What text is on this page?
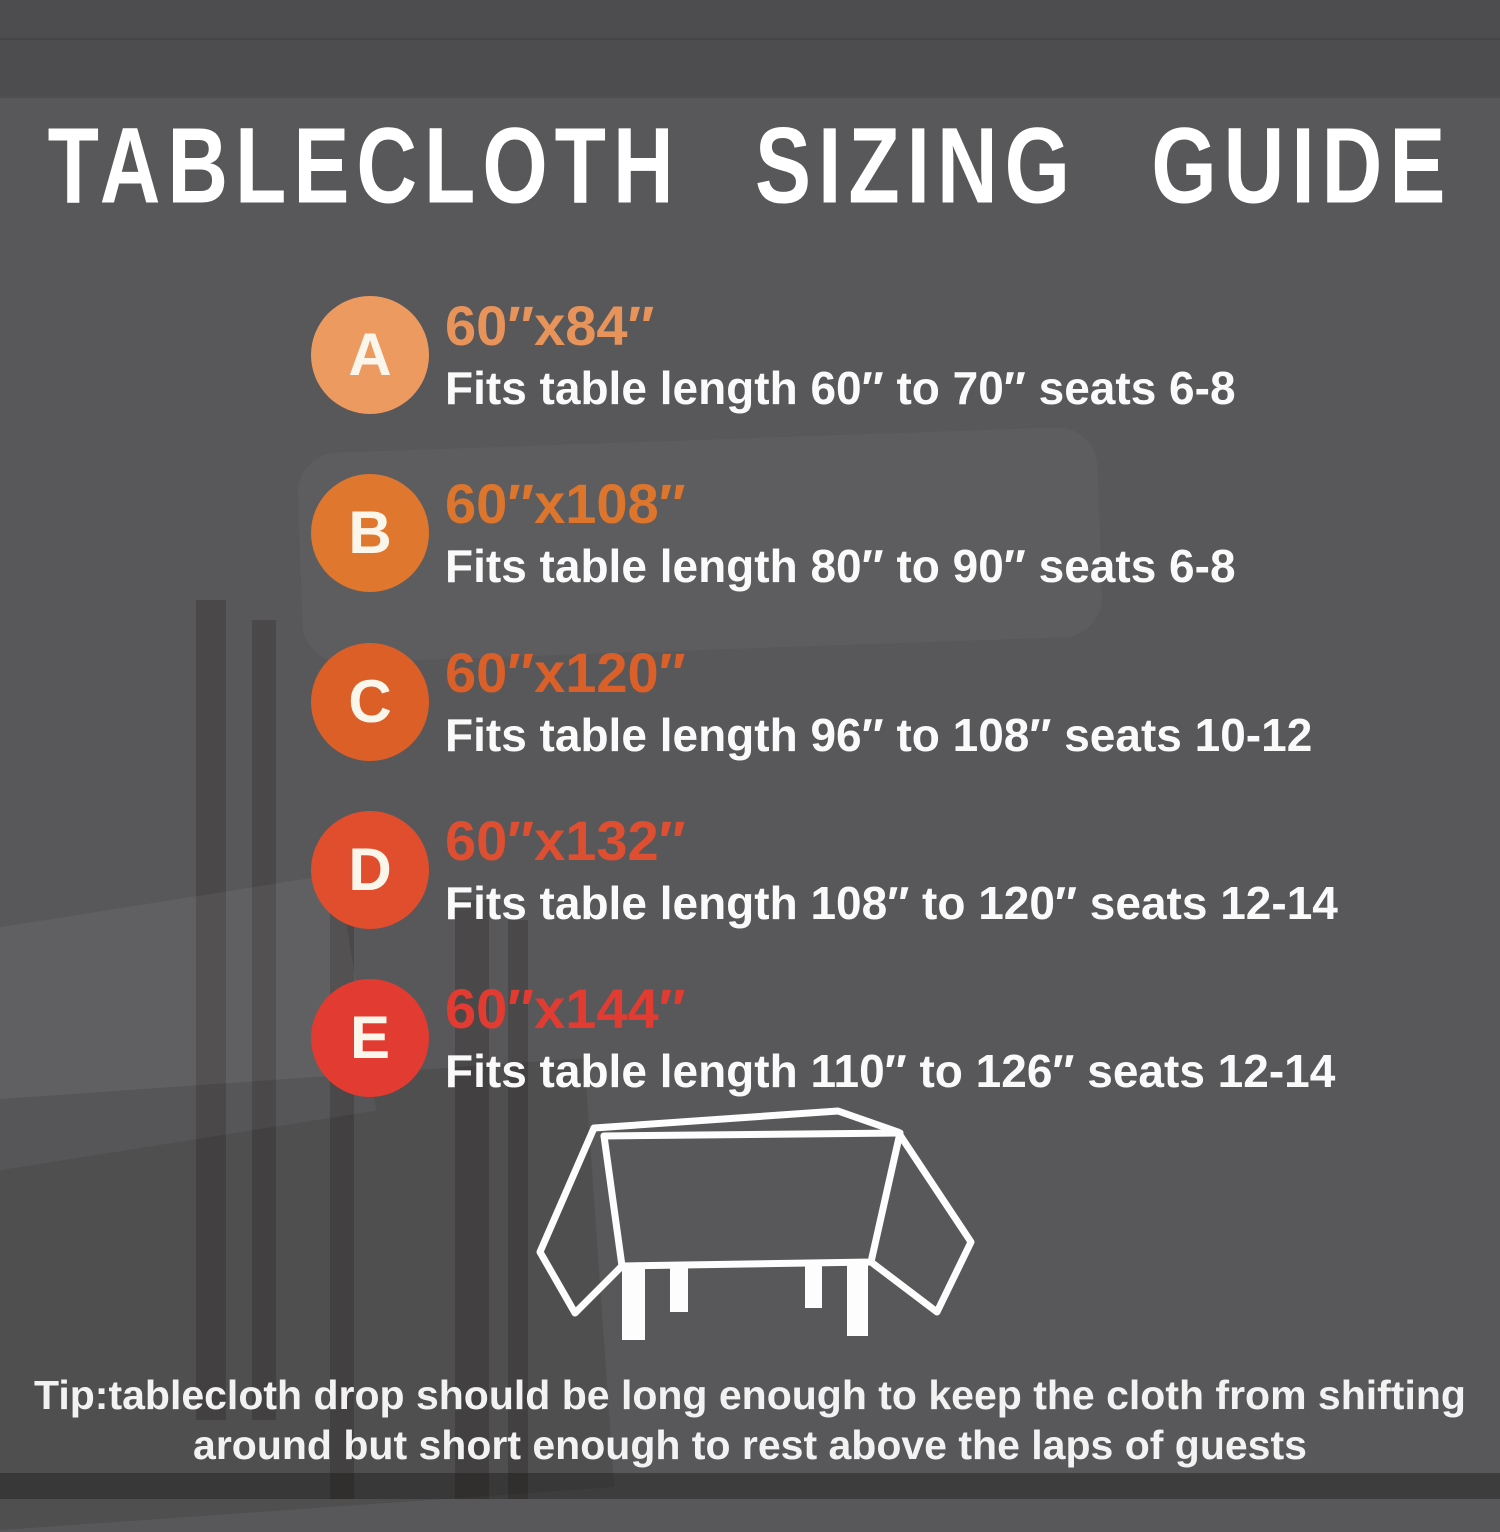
TABLECLOTH SIZING GUIDE
A 60″x84″
Fits table length 60″ to 70″ seats 6-8
B 60″x108″
Fits table length 80″ to 90″ seats 6-8
C 60″x120″
Fits table length 96″ to 108″ seats 10-12
D 60″x132″
Fits table length 108″ to 120″ seats 12-14
E 60″x144″
Fits table length 110″ to 126″ seats 12-14
Tip:tablecloth drop should be long enough to keep the cloth from shifting
around but short enough to rest above the laps of guests
